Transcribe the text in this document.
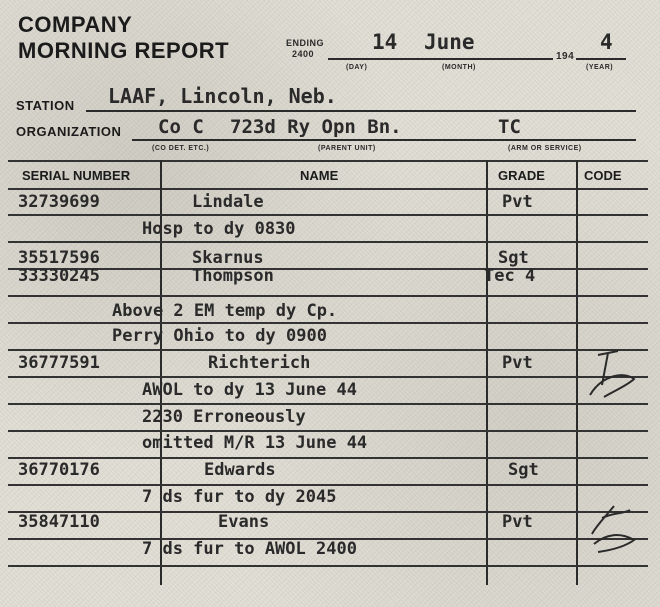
COMPANY
MORNING REPORT	ENDING
2400	14 June	4
194
(DAY)	(MONTH)	(YEAR)
STATION LAAF, Lincoln, Neb.
ORGANIZATION Co C 723d Ry Opn Bn.	TC
(CO DET. ETC.)	(PARENT UNIT)	(ARM OR SERVICE)
SERIAL NUMBER	NAME	GRADE	CODE
32739699	Lindale	Pvt
Hosp to dy 0830
35517596	Skarnus	Sgt
33330245	Thompson	Tec 4
Above 2 EM temp dy Cp.
Perry Ohio to dy 0900
36777591	Richterich	Pvt
AWOL to dy 13 June 44
2230 Erroneously
omitted M/R 13 June 44
36770176	Edwards	Sgt
7 ds fur to dy 2045
35847110	Evans	Pvt
7 ds fur to AWOL 2400
